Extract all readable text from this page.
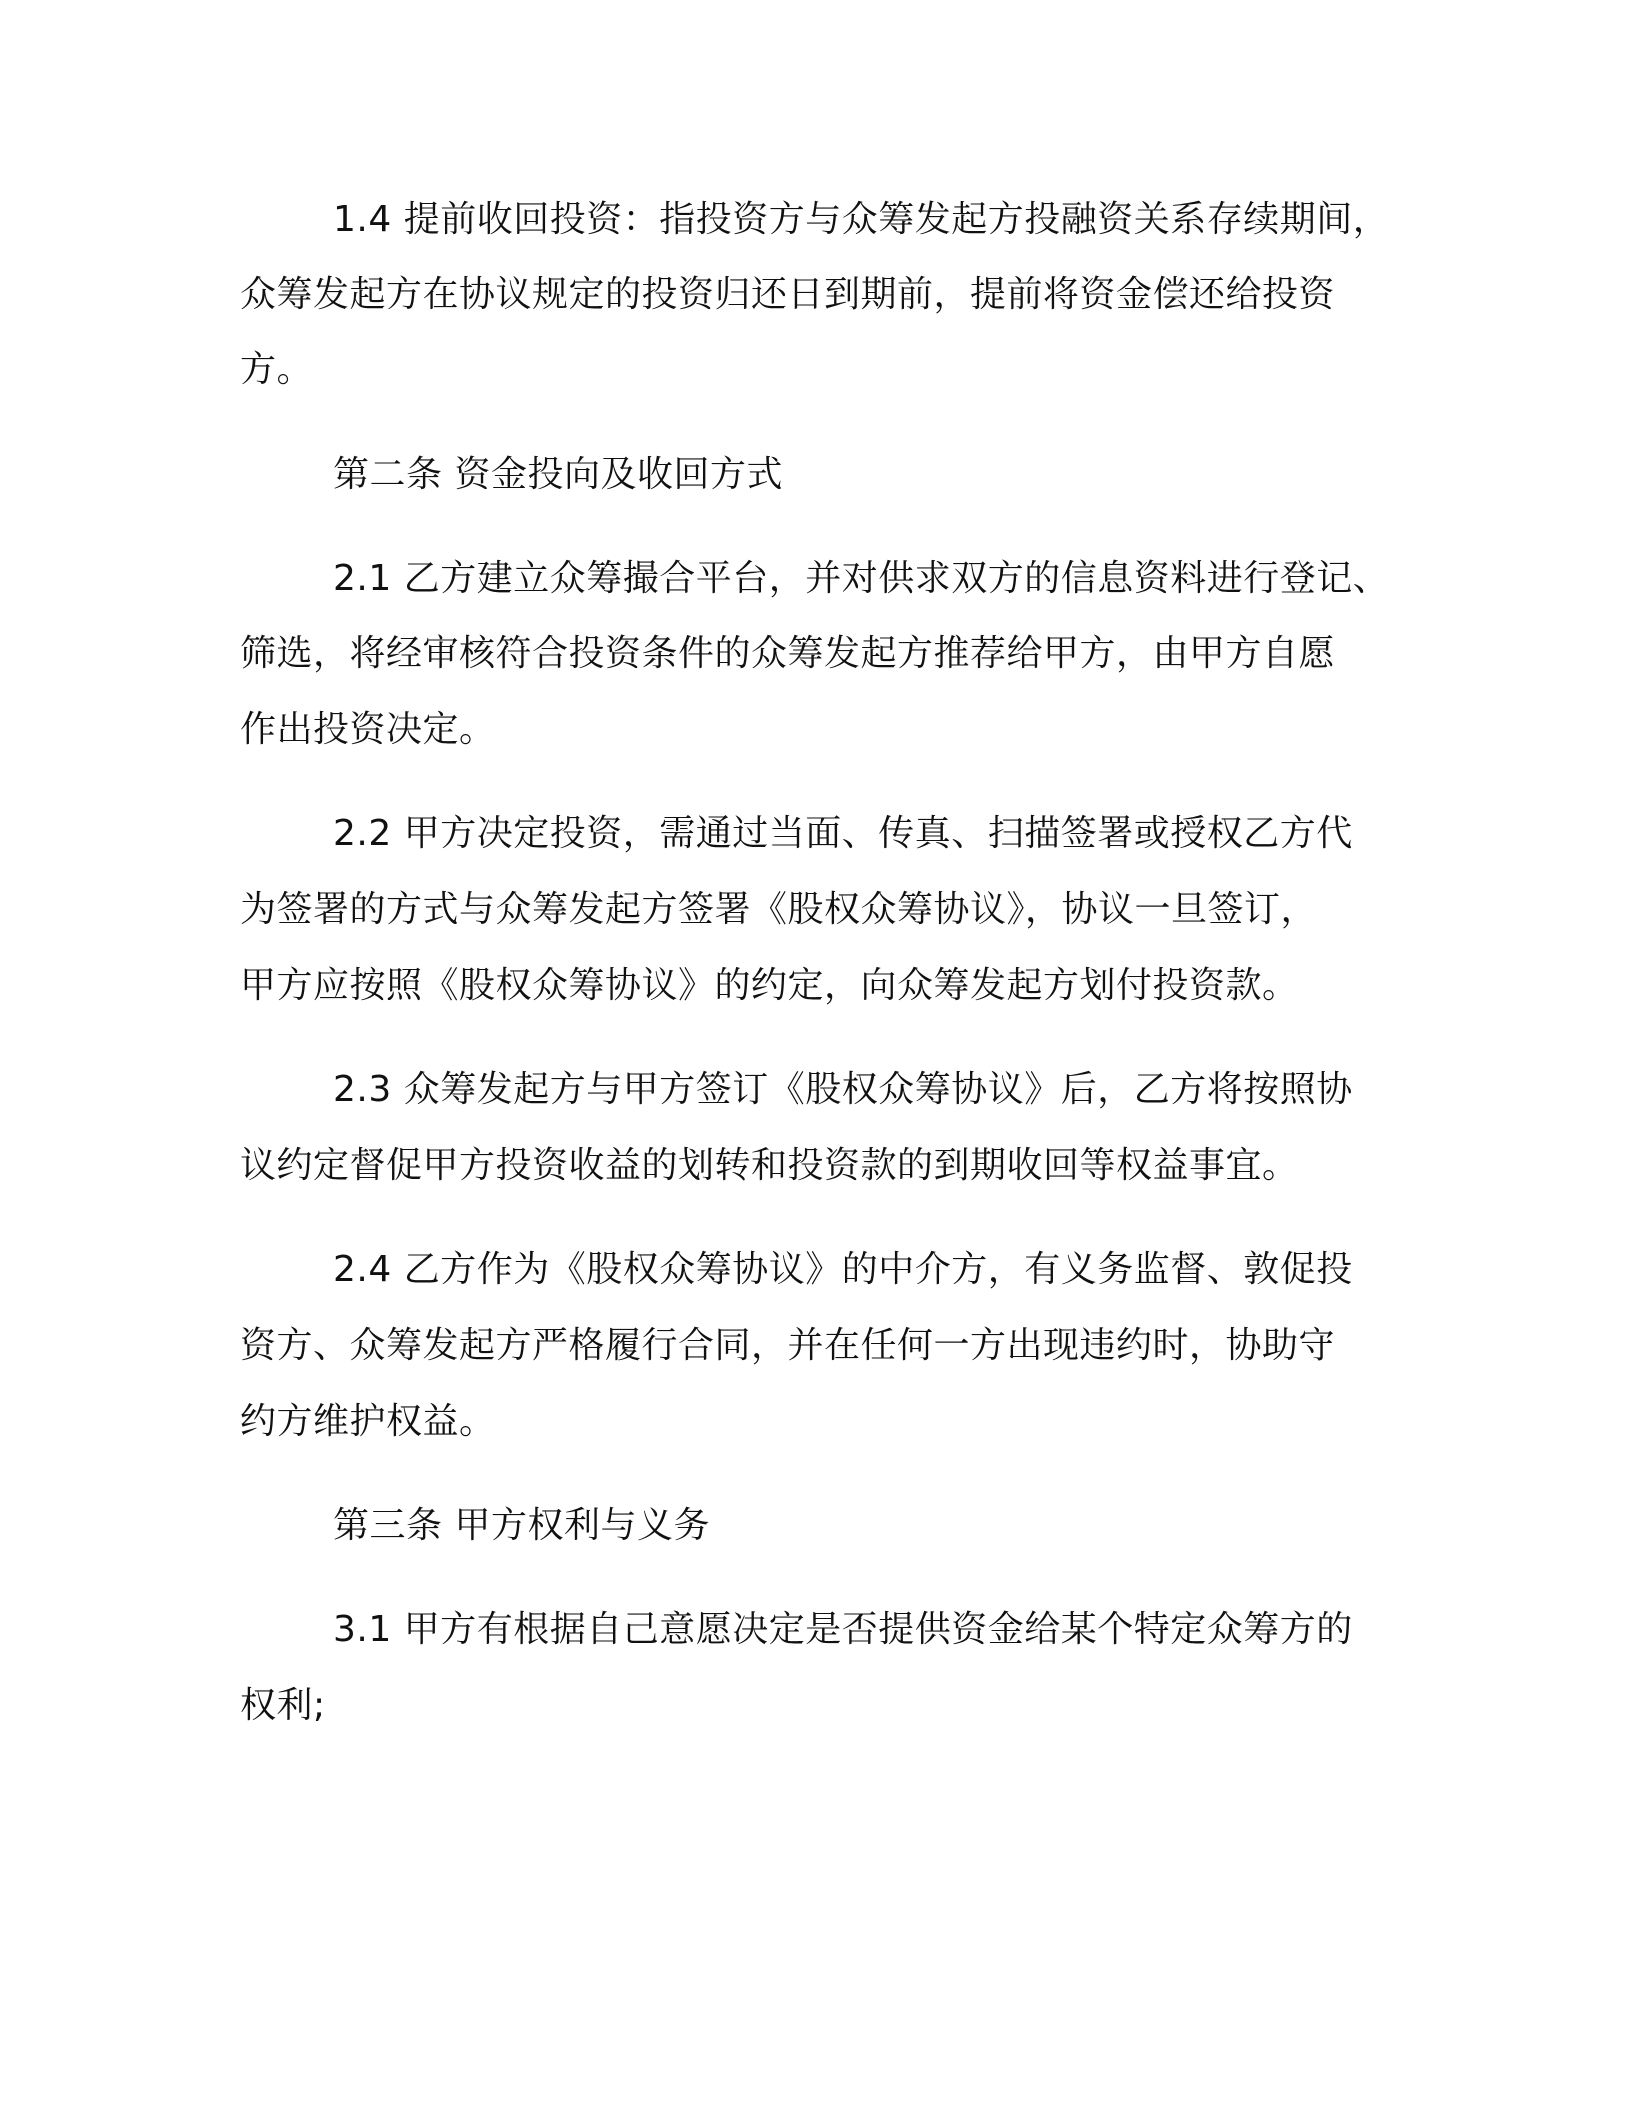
1.4 提前收回投资：指投资方与众筹发起方投融资关系存续期间，
众筹发起方在协议规定的投资归还日到期前，提前将资金偿还给投资
方。
第二条 资金投向及收回方式
2.1 乙方建立众筹撮合平台，并对供求双方的信息资料进行登记、
筛选，将经审核符合投资条件的众筹发起方推荐给甲方，由甲方自愿
作出投资决定。
2.2 甲方决定投资，需通过当面、传真、扫描签署或授权乙方代
为签署的方式与众筹发起方签署《股权众筹协议》，协议一旦签订，
甲方应按照《股权众筹协议》的约定，向众筹发起方划付投资款。
2.3 众筹发起方与甲方签订《股权众筹协议》后，乙方将按照协
议约定督促甲方投资收益的划转和投资款的到期收回等权益事宜。
2.4 乙方作为《股权众筹协议》的中介方，有义务监督、敦促投
资方、众筹发起方严格履行合同，并在任何一方出现违约时，协助守
约方维护权益。
第三条 甲方权利与义务
3.1 甲方有根据自己意愿决定是否提供资金给某个特定众筹方的
权利;
